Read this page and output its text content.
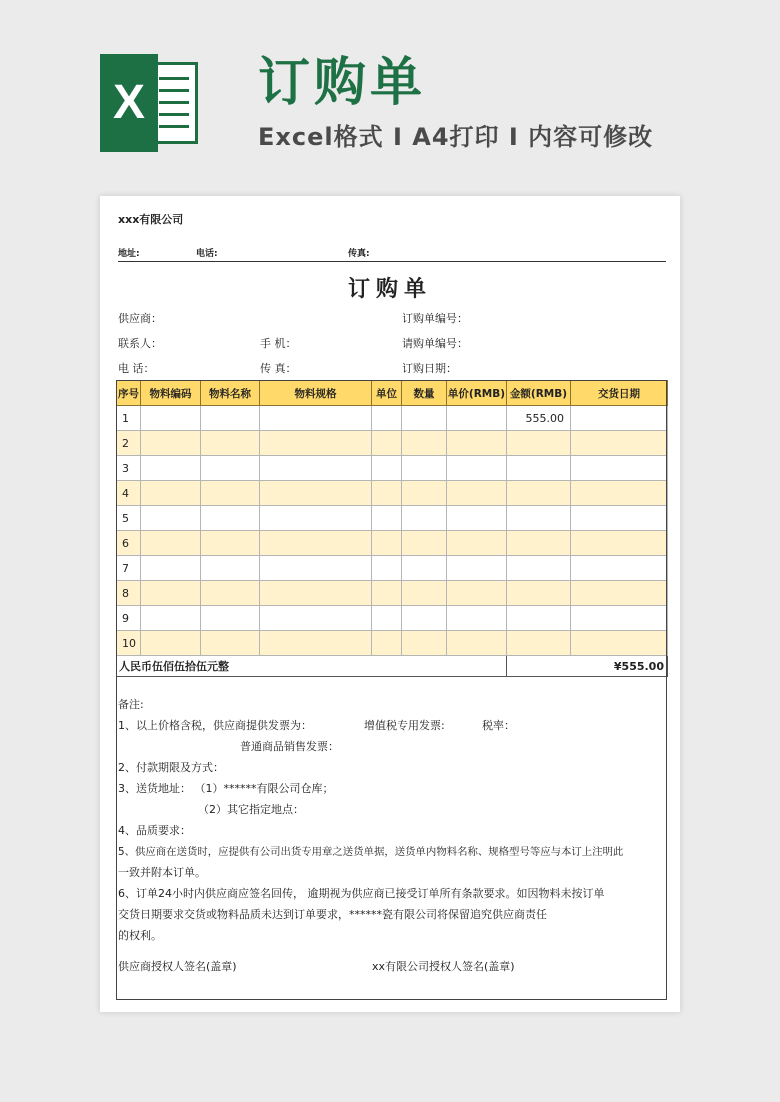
X 订购单

Excel格式 I A4打印 I 内容可修改

xxx有限公司
地址:	电话:	传真:
订购单
供应商：	订购单编号：
联系人：	手 机：	请购单编号：
电 话：	传 真：	订购日期：
序号	物料编码	物料名称	物料规格	单位	数量	单价(RMB)	金额(RMB)	交货日期
1							555.00	
2								
3								
4								
5								
6								
7								
8								
9								
10								
人民币伍佰伍拾伍元整							¥555.00	
备注:
1、以上价格含税，供应商提供发票为：	增值税专用发票:	税率：
普通商品销售发票：
2、付款期限及方式：
3、送货地址： （1）******有限公司仓库；
（2）其它指定地点：
4、品质要求：
5、供应商在送货时，应提供有公司出货专用章之送货单据，送货单内物料名称、规格型号等应与本订上注明此
一致并附本订单。
6、订单24小时内供应商应签名回传， 逾期视为供应商已接受订单所有条款要求。如因物料未按订单
交货日期要求交货或物料品质未达到订单要求，******瓷有限公司将保留追究供应商责任
的权利。
供应商授权人签名(盖章)	xx有限公司授权人签名(盖章)
